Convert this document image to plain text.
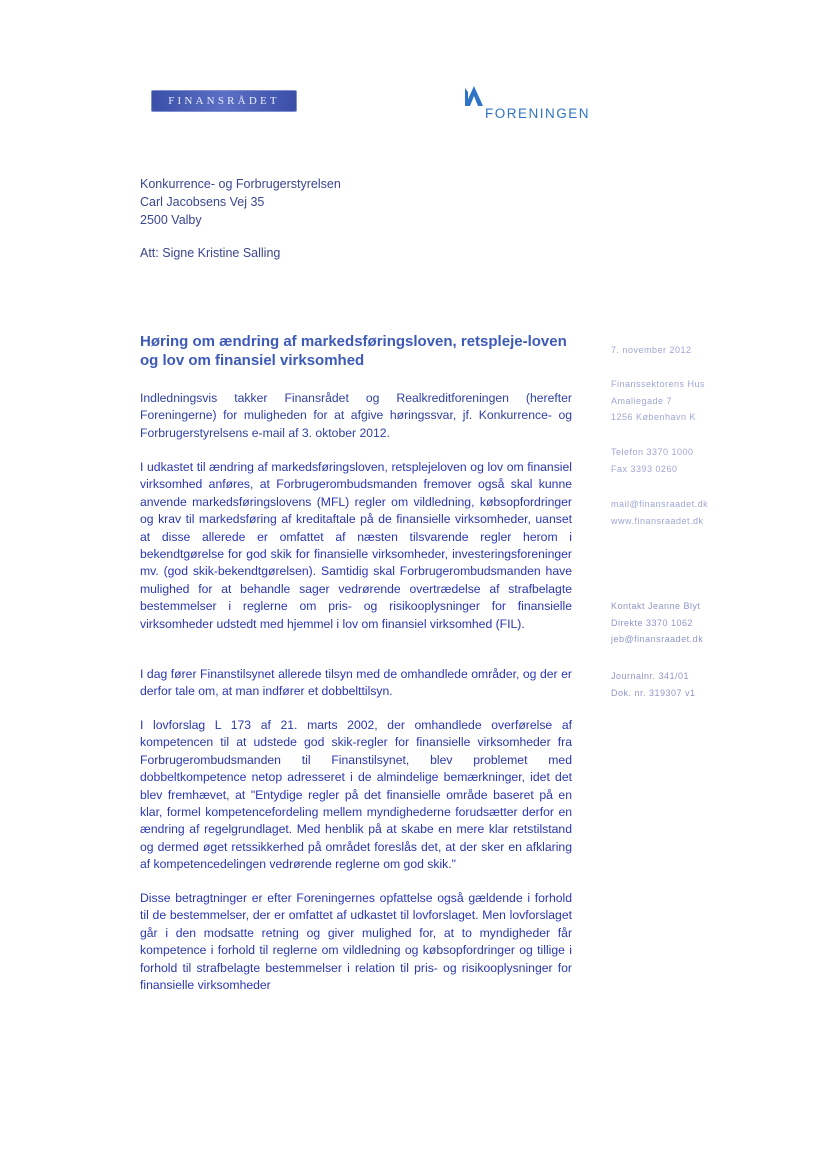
FINANSRÅDET
FORENINGEN
Konkurrence- og Forbrugerstyrelsen
Carl Jacobsens Vej 35
2500 Valby
Att: Signe Kristine Salling
Høring om ændring af markedsføringsloven, retspleje-loven og lov om finansiel virksomhed
Indledningsvis takker Finansrådet og Realkreditforeningen (herefter Foreningerne) for muligheden for at afgive høringssvar, jf. Konkurrence- og Forbrugerstyrelsens e-mail af 3. oktober 2012.
I udkastet til ændring af markedsføringsloven, retsplejeloven og lov om finansiel virksomhed anføres, at Forbrugerombudsmanden fremover også skal kunne anvende markedsføringslovens (MFL) regler om vildledning, købsopfordringer og krav til markedsføring af kreditaftale på de finansielle virksomheder, uanset at disse allerede er omfattet af næsten tilsvarende regler herom i bekendtgørelse for god skik for finansielle virksomheder, investeringsforeninger mv. (god skik-bekendtgørelsen). Samtidig skal Forbrugerombudsmanden have mulighed for at behandle sager vedrørende overtrædelse af strafbelagte bestemmelser i reglerne om pris- og risikooplysninger for finansielle virksomheder udstedt med hjemmel i lov om finansiel virksomhed (FIL).
I dag fører Finanstilsynet allerede tilsyn med de omhandlede områder, og der er derfor tale om, at man indfører et dobbelttilsyn.
I lovforslag L 173 af 21. marts 2002, der omhandlede overførelse af kompetencen til at udstede god skik-regler for finansielle virksomheder fra Forbrugerombudsmanden til Finanstilsynet, blev problemet med dobbeltkompetence netop adresseret i de almindelige bemærkninger, idet det blev fremhævet, at "Entydige regler på det finansielle område baseret på en klar, formel kompetencefordeling mellem myndighederne forudsætter derfor en ændring af regelgrundlaget. Med henblik på at skabe en mere klar retstilstand og dermed øget retssikkerhed på området foreslås det, at der sker en afklaring af kompetencedelingen vedrørende reglerne om god skik."
Disse betragtninger er efter Foreningernes opfattelse også gældende i forhold til de bestemmelser, der er omfattet af udkastet til lovforslaget. Men lovforslaget går i den modsatte retning og giver mulighed for, at to myndigheder får kompetence i forhold til reglerne om vildledning og købsopfordringer og tillige i forhold til strafbelagte bestemmelser i relation til pris- og risikooplysninger for finansielle virksomheder
7. november 2012
Finanssektorens Hus
Amaliegade 7
1256 København K
Telefon 3370 1000
Fax 3393 0260
mail@finansraadet.dk
www.finansraadet.dk
Kontakt Jeanne Blyt
Direkte 3370 1062
jeb@finansraadet.dk
Journalnr. 341/01
Dok. nr. 319307 v1
